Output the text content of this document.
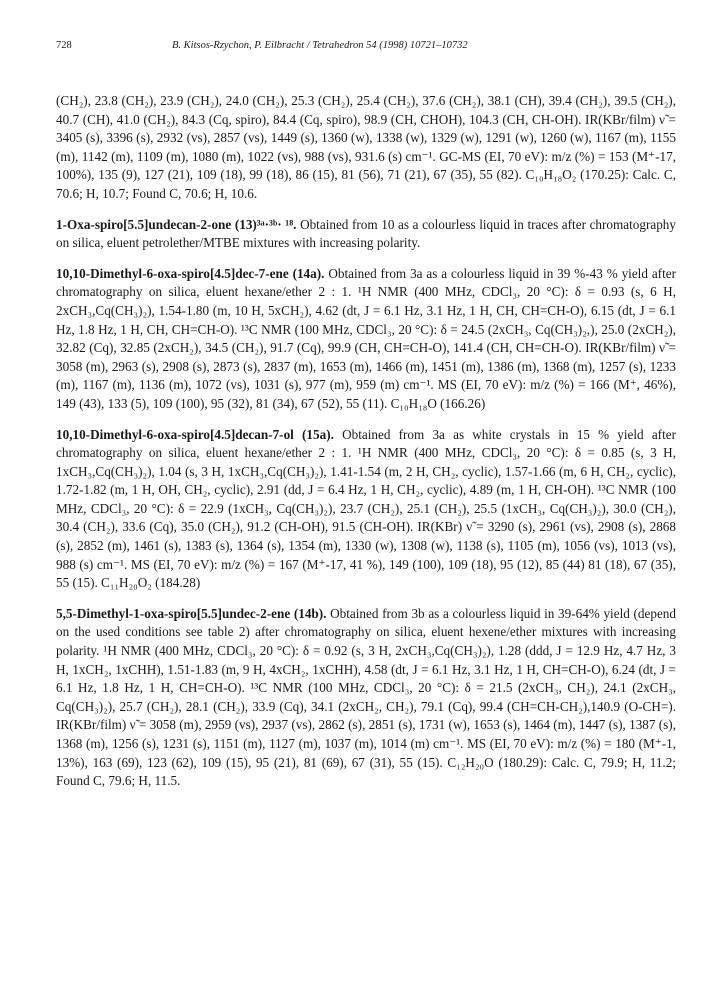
728	B. Kitsos-Rzychon, P. Eilbracht / Tetrahedron 54 (1998) 10721–10732

(CH₂), 23.8 (CH₂), 23.9 (CH₂), 24.0 (CH₂), 25.3 (CH₂), 25.4 (CH₂), 37.6 (CH₂), 38.1 (CH), 39.4 (CH₂), 39.5 (CH₂), 40.7 (CH), 41.0 (CH₂), 84.3 (Cq, spiro), 84.4 (Cq, spiro), 98.9 (CH, CHOH), 104.3 (CH, CH-OH). IR(KBr/film) ν̃ = 3405 (s), 3396 (s), 2932 (vs), 2857 (vs), 1449 (s), 1360 (w), 1338 (w), 1329 (w), 1291 (w), 1260 (w), 1167 (m), 1155 (m), 1142 (m), 1109 (m), 1080 (m), 1022 (vs), 988 (vs), 931.6 (s) cm⁻¹. GC-MS (EI, 70 eV): m/z (%) = 153 (M⁺-17, 100%), 135 (9), 127 (21), 109 (18), 99 (18), 86 (15), 81 (56), 71 (21), 67 (35), 55 (82). C₁₀H₁₈O₂ (170.25): Calc. C, 70.6; H, 10.7; Found C, 70.6; H, 10.6.

1-Oxa-spiro[5.5]undecan-2-one (13)³ᵃ·³ᵇ· ¹⁸. Obtained from 10 as a colourless liquid in traces after chromatography on silica, eluent petrolether/MTBE mixtures with increasing polarity.

10,10-Dimethyl-6-oxa-spiro[4.5]dec-7-ene (14a). Obtained from 3a as a colourless liquid in 39 %-43 % yield after chromatography on silica, eluent hexane/ether 2 : 1. ¹H NMR (400 MHz, CDCl₃, 20 °C): δ = 0.93 (s, 6 H, 2xCH₃,Cq(CH₃)₂), 1.54-1.80 (m, 10 H, 5xCH₂), 4.62 (dt, J = 6.1 Hz, 3.1 Hz, 1 H, CH, CH=CH-O), 6.15 (dt, J = 6.1 Hz, 1.8 Hz, 1 H, CH, CH=CH-O). ¹³C NMR (100 MHz, CDCl₃, 20 °C): δ = 24.5 (2xCH₃, Cq(CH₃)₂,), 25.0 (2xCH₂), 32.82 (Cq), 32.85 (2xCH₂), 34.5 (CH₂), 91.7 (Cq), 99.9 (CH, CH=CH-O), 141.4 (CH, CH=CH-O). IR(KBr/film) ν̃ = 3058 (m), 2963 (s), 2908 (s), 2873 (s), 2837 (m), 1653 (m), 1466 (m), 1451 (m), 1386 (m), 1368 (m), 1257 (s), 1233 (m), 1167 (m), 1136 (m), 1072 (vs), 1031 (s), 977 (m), 959 (m) cm⁻¹. MS (EI, 70 eV): m/z (%) = 166 (M⁺, 46%), 149 (43), 133 (5), 109 (100), 95 (32), 81 (34), 67 (52), 55 (11). C₁₀H₁₈O (166.26)

10,10-Dimethyl-6-oxa-spiro[4.5]decan-7-ol (15a). Obtained from 3a as white crystals in 15 % yield after chromatography on silica, eluent hexane/ether 2 : 1. ¹H NMR (400 MHz, CDCl₃, 20 °C): δ = 0.85 (s, 3 H, 1xCH₃,Cq(CH₃)₂), 1.04 (s, 3 H, 1xCH₃,Cq(CH₃)₂), 1.41-1.54 (m, 2 H, CH₂, cyclic), 1.57-1.66 (m, 6 H, CH₂, cyclic), 1.72-1.82 (m, 1 H, OH, CH₂, cyclic), 2.91 (dd, J = 6.4 Hz, 1 H, CH₂, cyclic), 4.89 (m, 1 H, CH-OH). ¹³C NMR (100 MHz, CDCl₃, 20 °C): δ = 22.9 (1xCH₃, Cq(CH₃)₂), 23.7 (CH₂), 25.1 (CH₂), 25.5 (1xCH₃, Cq(CH₃)₂), 30.0 (CH₂), 30.4 (CH₂), 33.6 (Cq), 35.0 (CH₂), 91.2 (CH-OH), 91.5 (CH-OH). IR(KBr) ν̃ = 3290 (s), 2961 (vs), 2908 (s), 2868 (s), 2852 (m), 1461 (s), 1383 (s), 1364 (s), 1354 (m), 1330 (w), 1308 (w), 1138 (s), 1105 (m), 1056 (vs), 1013 (vs), 988 (s) cm⁻¹. MS (EI, 70 eV): m/z (%) = 167 (M⁺-17, 41 %), 149 (100), 109 (18), 95 (12), 85 (44) 81 (18), 67 (35), 55 (15). C₁₁H₂₀O₂ (184.28)

5,5-Dimethyl-1-oxa-spiro[5.5]undec-2-ene (14b). Obtained from 3b as a colourless liquid in 39-64% yield (depend on the used conditions see table 2) after chromatography on silica, eluent hexene/ether mixtures with increasing polarity. ¹H NMR (400 MHz, CDCl₃, 20 °C): δ = 0.92 (s, 3 H, 2xCH₃,Cq(CH₃)₂), 1.28 (ddd, J = 12.9 Hz, 4.7 Hz, 3 H, 1xCH₂, 1xCHH), 1.51-1.83 (m, 9 H, 4xCH₂, 1xCHH), 4.58 (dt, J = 6.1 Hz, 3.1 Hz, 1 H, CH=CH-O), 6.24 (dt, J = 6.1 Hz, 1.8 Hz, 1 H, CH=CH-O). ¹³C NMR (100 MHz, CDCl₃, 20 °C): δ = 21.5 (2xCH₃, CH₂), 24.1 (2xCH₃, Cq(CH₃)₂), 25.7 (CH₂), 28.1 (CH₂), 33.9 (Cq), 34.1 (2xCH₂, CH₂), 79.1 (Cq), 99.4 (CH=CH-CH₂),140.9 (O-CH=). IR(KBr/film) ν̃ = 3058 (m), 2959 (vs), 2937 (vs), 2862 (s), 2851 (s), 1731 (w), 1653 (s), 1464 (m), 1447 (s), 1387 (s), 1368 (m), 1256 (s), 1231 (s), 1151 (m), 1127 (m), 1037 (m), 1014 (m) cm⁻¹. MS (EI, 70 eV): m/z (%) = 180 (M⁺-1, 13%), 163 (69), 123 (62), 109 (15), 95 (21), 81 (69), 67 (31), 55 (15). C₁₂H₂₀O (180.29): Calc. C, 79.9; H, 11.2; Found C, 79.6; H, 11.5.
